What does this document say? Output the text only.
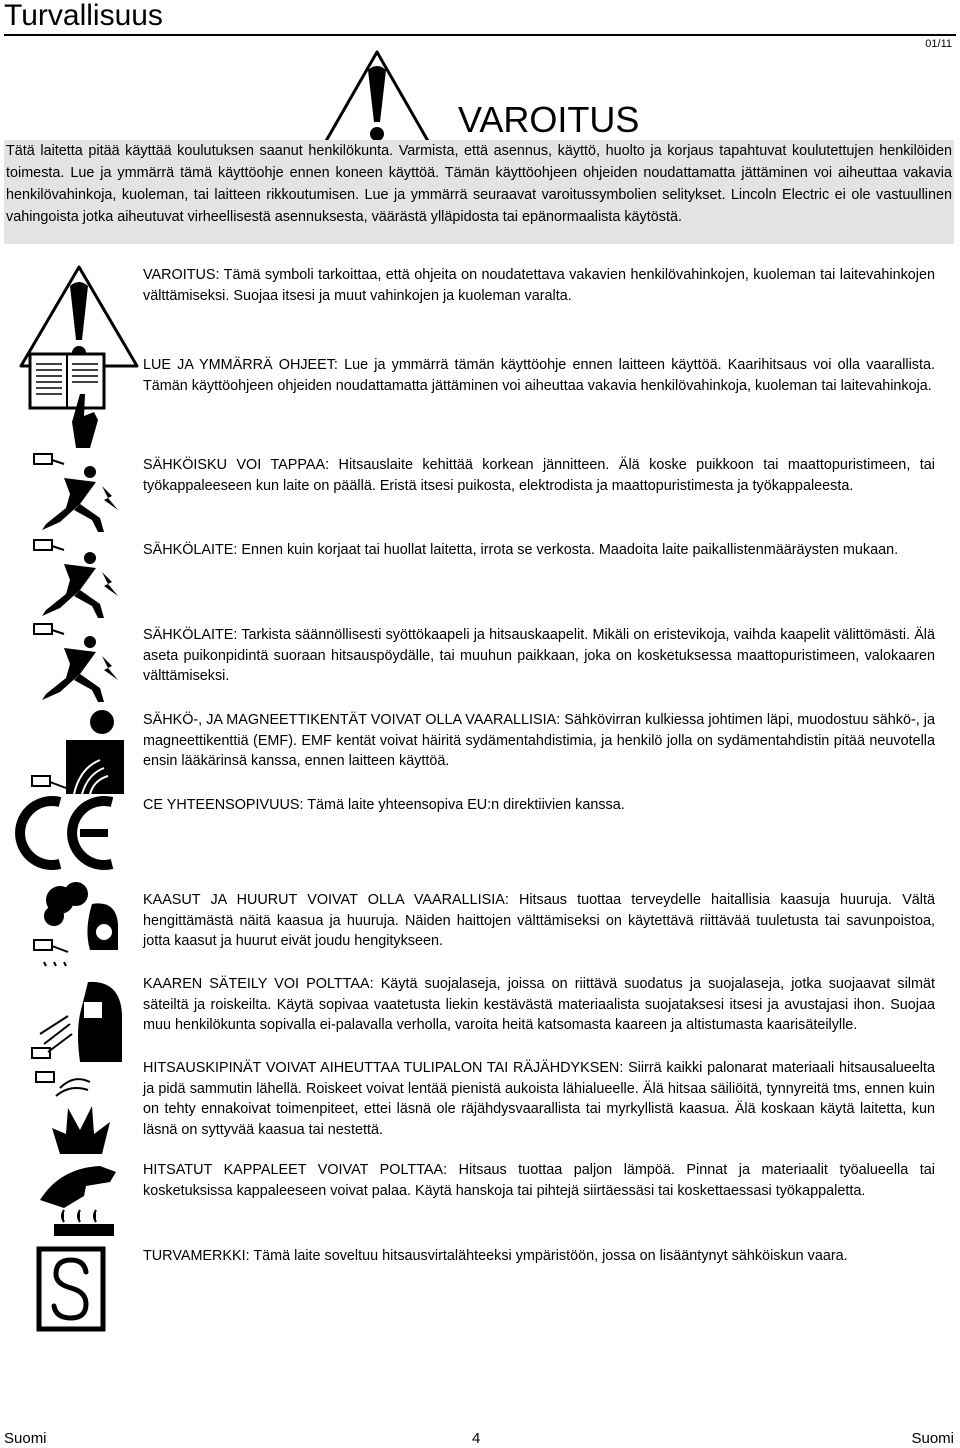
Turvallisuus
01/11
VAROITUS
Tätä laitetta pitää käyttää koulutuksen saanut henkilökunta. Varmista, että asennus, käyttö, huolto ja korjaus tapahtuvat koulutettujen henkilöiden toimesta. Lue ja ymmärrä tämä käyttöohje ennen koneen käyttöä. Tämän käyttöohjeen ohjeiden noudattamatta jättäminen voi aiheuttaa vakavia henkilövahinkoja, kuoleman, tai laitteen rikkoutumisen. Lue ja ymmärrä seuraavat varoitussymbolien selitykset. Lincoln Electric ei ole vastuullinen vahingoista jotka aiheutuvat virheellisestä asennuksesta, väärästä ylläpidosta tai epänormaalista käytöstä.
VAROITUS: Tämä symboli tarkoittaa, että ohjeita on noudatettava vakavien henkilövahinkojen, kuoleman tai laitevahinkojen välttämiseksi. Suojaa itsesi ja muut vahinkojen ja kuoleman varalta.
LUE JA YMMÄRRÄ OHJEET: Lue ja ymmärrä tämän käyttöohje ennen laitteen käyttöä. Kaarihitsaus voi olla vaarallista. Tämän käyttöohjeen ohjeiden noudattamatta jättäminen voi aiheuttaa vakavia henkilövahinkoja, kuoleman tai laitevahinkoja.
SÄHKÖISKU VOI TAPPAA: Hitsauslaite kehittää korkean jännitteen. Älä koske puikkoon tai maattopuristimeen, tai työkappaleeseen kun laite on päällä. Eristä itsesi puikosta, elektrodista ja maattopuristimesta ja työkappaleesta.
SÄHKÖLAITE: Ennen kuin korjaat tai huollat laitetta, irrota se verkosta. Maadoita laite paikallistenmääräysten mukaan.
SÄHKÖLAITE: Tarkista säännöllisesti syöttökaapeli ja hitsauskaapelit. Mikäli on eristevikoja, vaihda kaapelit välittömästi. Älä aseta puikonpidintä suoraan hitsauspöydälle, tai muuhun paikkaan, joka on kosketuksessa maattopuristimeen, valokaaren välttämiseksi.
SÄHKÖ-, JA MAGNEETTIKENTÄT VOIVAT OLLA VAARALLISIA: Sähkövirran kulkiessa johtimen läpi, muodostuu sähkö-, ja magneettikenttiä (EMF). EMF kentät voivat häiritä sydämentahdistimia, ja henkilö jolla on sydämentahdistin pitää neuvotella ensin lääkärinsä kanssa, ennen laitteen käyttöä.
CE YHTEENSOPIVUUS: Tämä laite yhteensopiva EU:n direktiivien kanssa.
KAASUT JA HUURUT VOIVAT OLLA VAARALLISIA: Hitsaus tuottaa terveydelle haitallisia kaasuja huuruja. Vältä hengittämästä näitä kaasua ja huuruja. Näiden haittojen välttämiseksi on käytettävä riittävää tuuletusta tai savunpoistoa, jotta kaasut ja huurut eivät joudu hengitykseen.
KAAREN SÄTEILY VOI POLTTAA: Käytä suojalaseja, joissa on riittävä suodatus ja suojalaseja, jotka suojaavat silmät säteiltä ja roiskeilta. Käytä sopivaa vaatetusta liekin kestävästä materiaalista suojataksesi itsesi ja avustajasi ihon. Suojaa muu henkilökunta sopivalla ei-palavalla verholla, varoita heitä katsomasta kaareen ja altistumasta kaarisäteilylle.
HITSAUSKIPINÄT VOIVAT AIHEUTTAA TULIPALON TAI RÄJÄHDYKSEN: Siirrä kaikki palonarat materiaali hitsausalueelta ja pidä sammutin lähellä. Roiskeet voivat lentää pienistä aukoista lähialueelle. Älä hitsaa säiliöitä, tynnyreitä tms, ennen kuin on tehty ennakoivat toimenpiteet, ettei läsnä ole räjähdysvaarallista tai myrkyllistä kaasua. Älä koskaan käytä laitetta, kun läsnä on syttyvää kaasua tai nestettä.
HITSATUT KAPPALEET VOIVAT POLTTAA: Hitsaus tuottaa paljon lämpöä. Pinnat ja materiaalit työalueella tai kosketuksissa kappaleeseen voivat palaa. Käytä hanskoja tai pihtejä siirtäessäsi tai koskettaessasi työkappaletta.
TURVAMERKKI: Tämä laite soveltuu hitsausvirtalähteeksi ympäristöön, jossa on lisääntynyt sähköiskun vaara.
Suomi	4	Suomi
